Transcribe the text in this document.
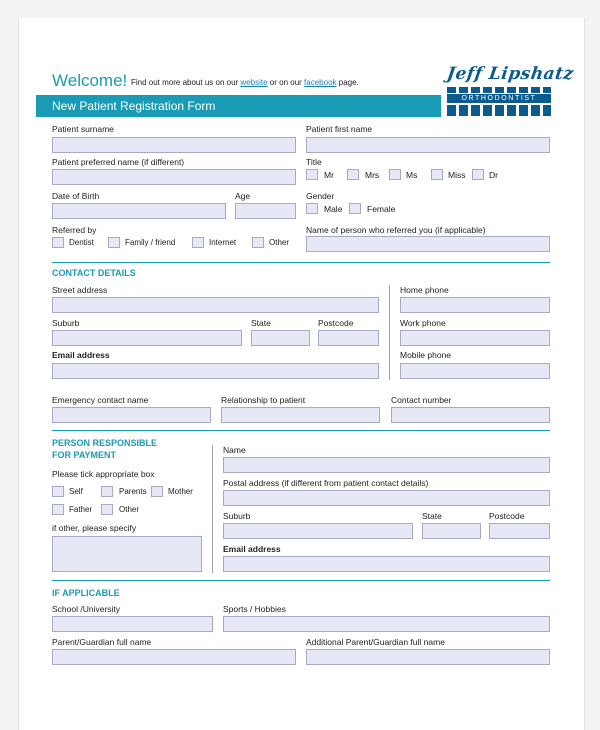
Welcome! Find out more about us on our website or on our facebook page.
New Patient Registration Form
Jeff Lipshatz
ORTHODONTIST
Patient surname	Patient first name
Patient preferred name (if different)	Title
Mr	Mrs	Ms	Miss	Dr
Date of Birth	Age	Gender
Male	Female
Referred by
Dentist	Family / friend	Internet	Other
Name of person who referred you (if applicable)
CONTACT DETAILS
Street address	Home phone
Suburb	State	Postcode	Work phone
Email address	Mobile phone
Emergency contact name	Relationship to patient	Contact number
PERSON RESPONSIBLE
FOR PAYMENT
Please tick appropriate box
Self	Parents	Mother
Father	Other
if other, please specify
Name
Postal address (if different from patient contact details)
Suburb	State	Postcode
Email address
IF APPLICABLE
School /University	Sports / Hobbies
Parent/Guardian full name	Additional Parent/Guardian full name
